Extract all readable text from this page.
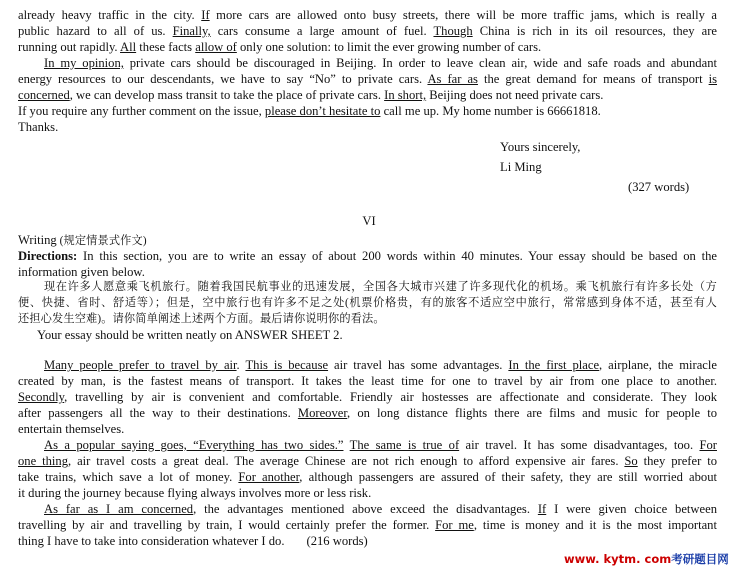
already heavy traffic in the city. If more cars are allowed onto busy streets, there will be more traffic jams, which is really a
public hazard to all of us. Finally, cars consume a large amount of fuel. Though China is rich in its oil resources, they are
running out rapidly. All these facts allow of only one solution: to limit the ever growing number of cars.
In my opinion, private cars should be discouraged in Beijing. In order to leave clean air, wide and safe roads and abundant
energy resources to our descendants, we have to say “No” to private cars. As far as the great demand for means of transport is
concerned, we can develop mass transit to take the place of private cars. In short, Beijing does not need private cars.
If you require any further comment on the issue, please don’t hesitate to call me up. My home number is 66661818.
Thanks.
Yours sincerely,
Li Ming
(327 words)
VI
Writing (规定情景式作文)
Directions: In this section, you are to write an essay of about 200 words within 40 minutes. Your essay should be based on the
information given below.
现在许多人愿意乘飞机旅行。随着我国民航事业的迅速发展，全国各大城市兴建了许多现代化的机场。乘飞机旅行有许多长处（方
便、快捷、省时、舒适等）；但是，空中旅行也有许多不足之处(机票价格贵，有的旅客不适应空中旅行，常常感到身体不适，甚至有人
还担心发生空难)。请你简单阐述上述两个方面。最后请你说明你的看法。
Your essay should be written neatly on ANSWER SHEET 2.
Many people prefer to travel by air. This is because air travel has some advantages. In the first place, airplane, the miracle
created by man, is the fastest means of transport. It takes the least time for one to travel by air from one place to another.
Secondly, travelling by air is convenient and comfortable. Friendly air hostesses are affectionate and considerate. They look
after passengers all the way to their destinations. Moreover, on long distance flights there are films and music for people to
entertain themselves.
As a popular saying goes, “Everything has two sides.” The same is true of air travel. It has some disadvantages, too. For
one thing, air travel costs a great deal. The average Chinese are not rich enough to afford expensive air fares. So they prefer to
take trains, which save a lot of money. For another, although passengers are assured of their safety, they are still worried about
it during the journey because flying always involves more or less risk.
As far as I am concerned, the advantages mentioned above exceed the disadvantages. If I were given choice between
travelling by air and travelling by train, I would certainly prefer the former. For me, time is money and it is the most important
thing I have to take into consideration whatever I do. (216 words)
www. kytm. com考研题目网
